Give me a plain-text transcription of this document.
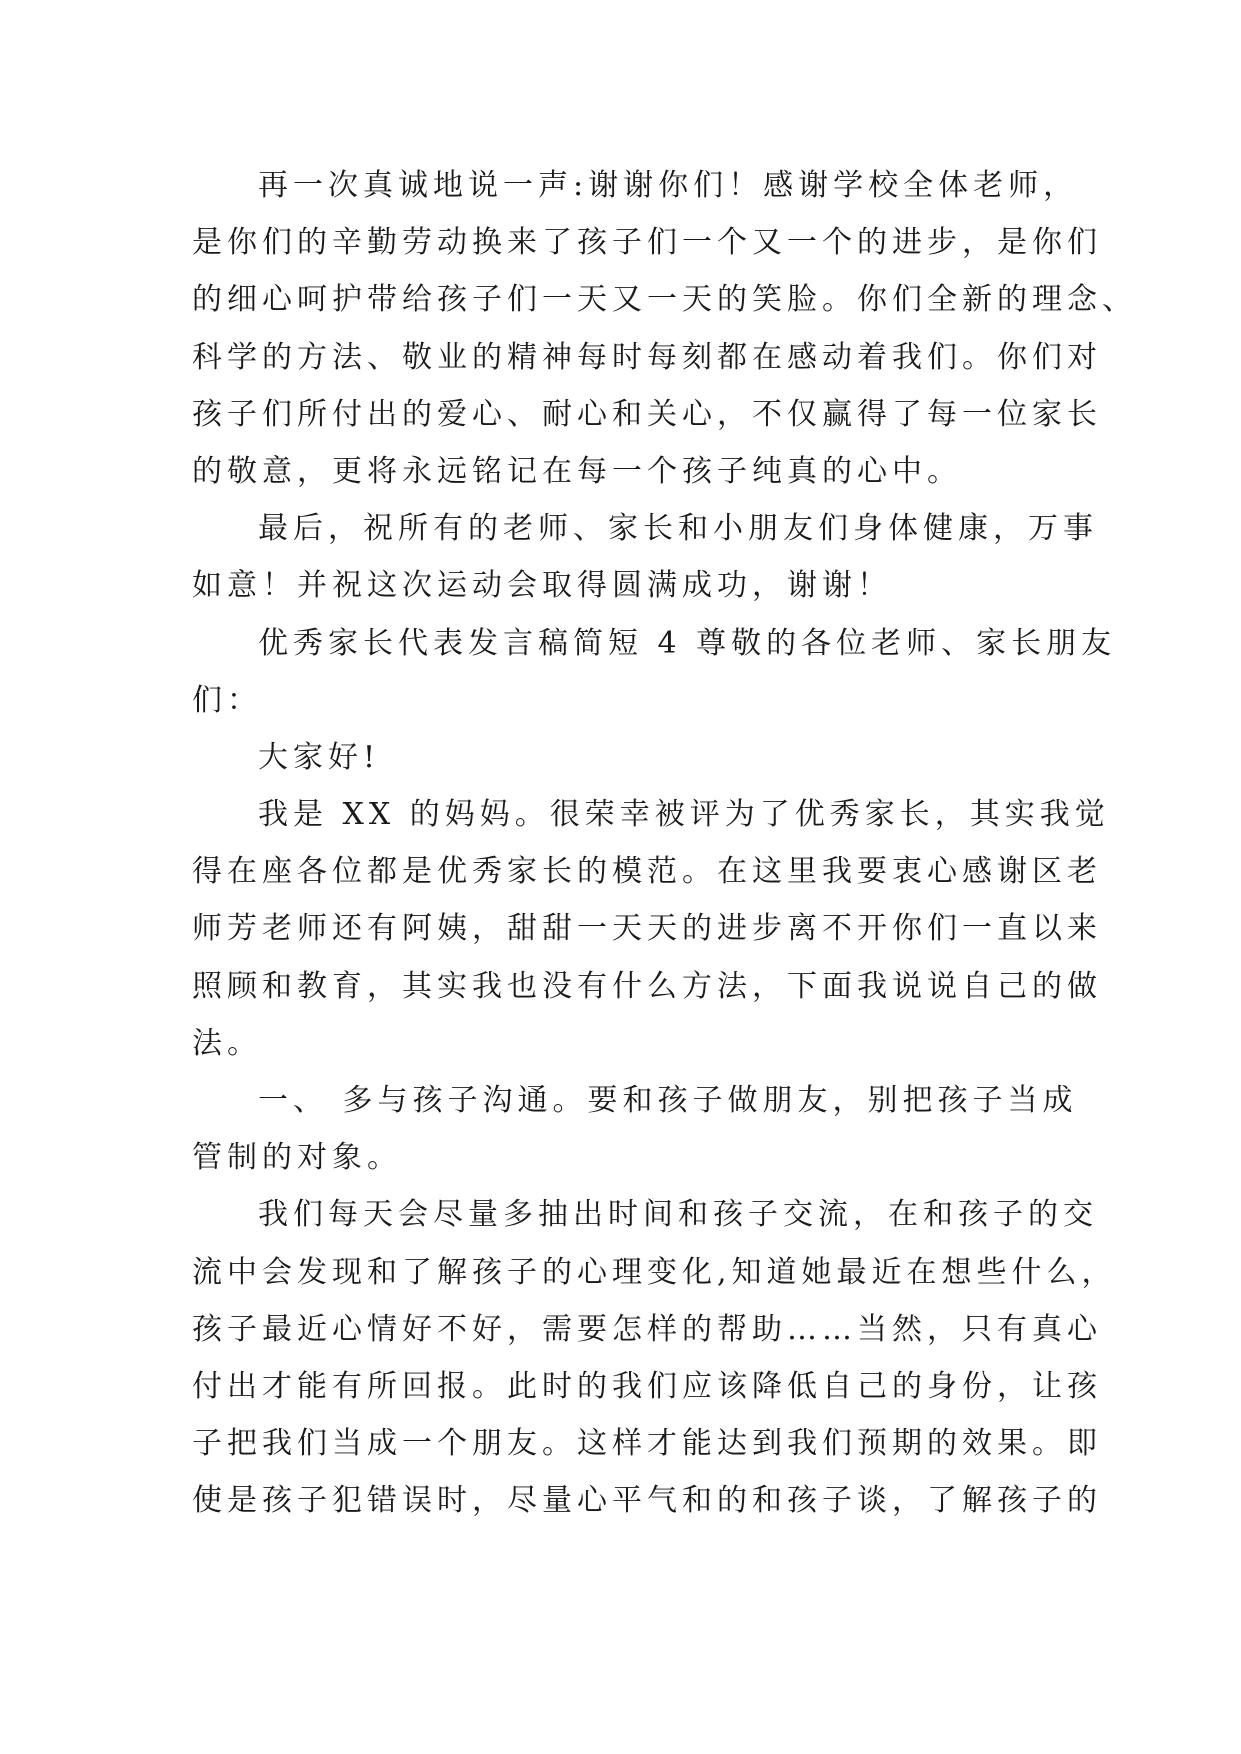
再一次真诚地说一声:谢谢你们！感谢学校全体老师，
是你们的辛勤劳动换来了孩子们一个又一个的进步，是你们
的细心呵护带给孩子们一天又一天的笑脸。你们全新的理念、
科学的方法、敬业的精神每时每刻都在感动着我们。你们对
孩子们所付出的爱心、耐心和关心，不仅赢得了每一位家长
的敬意，更将永远铭记在每一个孩子纯真的心中。
最后，祝所有的老师、家长和小朋友们身体健康，万事
如意！并祝这次运动会取得圆满成功，谢谢！
优秀家长代表发言稿简短 4 尊敬的各位老师、家长朋友
们：
大家好!
我是 XX 的妈妈。很荣幸被评为了优秀家长，其实我觉
得在座各位都是优秀家长的模范。在这里我要衷心感谢区老
师芳老师还有阿姨，甜甜一天天的进步离不开你们一直以来
照顾和教育，其实我也没有什么方法，下面我说说自己的做
法。
一、 多与孩子沟通。要和孩子做朋友，别把孩子当成
管制的对象。
我们每天会尽量多抽出时间和孩子交流，在和孩子的交
流中会发现和了解孩子的心理变化,知道她最近在想些什么，
孩子最近心情好不好，需要怎样的帮助……当然，只有真心
付出才能有所回报。此时的我们应该降低自己的身份，让孩
子把我们当成一个朋友。这样才能达到我们预期的效果。即
使是孩子犯错误时，尽量心平气和的和孩子谈，了解孩子的
